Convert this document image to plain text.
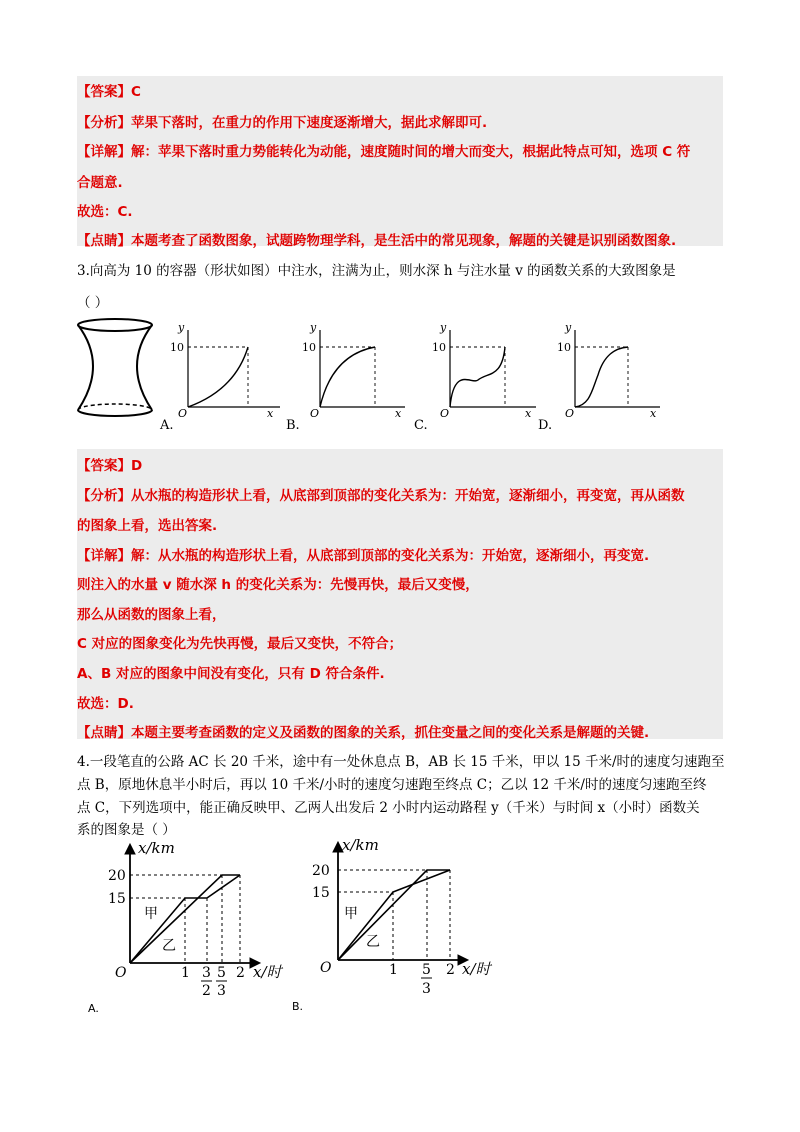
【答案】C
【分析】苹果下落时，在重力的作用下速度逐渐增大，据此求解即可.
【详解】解：苹果下落时重力势能转化为动能，速度随时间的增大而变大，根据此特点可知，选项 C 符
合题意.
故选：C.
【点睛】本题考查了函数图象，试题跨物理学科，是生活中的常见现象，解题的关键是识别函数图象.
3.向高为 10 的容器（形状如图）中注水，注满为止，则水深 h 与注水量 v 的函数关系的大致图象是
（ ）
y
10
O	x
y
10
O	x
y
10
O	x
y
10
O	x
A.	B.	C.	D.
【答案】D
【分析】从水瓶的构造形状上看，从底部到顶部的变化关系为：开始宽，逐渐细小，再变宽，再从函数
的图象上看，选出答案.
【详解】解：从水瓶的构造形状上看，从底部到顶部的变化关系为：开始宽，逐渐细小，再变宽.
则注入的水量 v 随水深 h 的变化关系为：先慢再快，最后又变慢，
那么从函数的图象上看，
C 对应的图象变化为先快再慢，最后又变快，不符合；
A、B 对应的图象中间没有变化，只有 D 符合条件.
故选：D.
【点睛】本题主要考查函数的定义及函数的图象的关系，抓住变量之间的变化关系是解题的关键.
4.一段笔直的公路 AC 长 20 千米，途中有一处休息点 B，AB 长 15 千米，甲以 15 千米/时的速度匀速跑至
点 B，原地休息半小时后，再以 10 千米/小时的速度匀速跑至终点 C；乙以 12 千米/时的速度匀速跑至终
点 C，下列选项中，能正确反映甲、乙两人出发后 2 小时内运动路程 y（千米）与时间 x（小时）函数关
系的图象是（ ）
x/km
20
15
甲
乙
O	1 3
2
5
3
2 x/时
x/km
20
15
甲
乙
O	1 5
3
2 x/时
A.	B.
